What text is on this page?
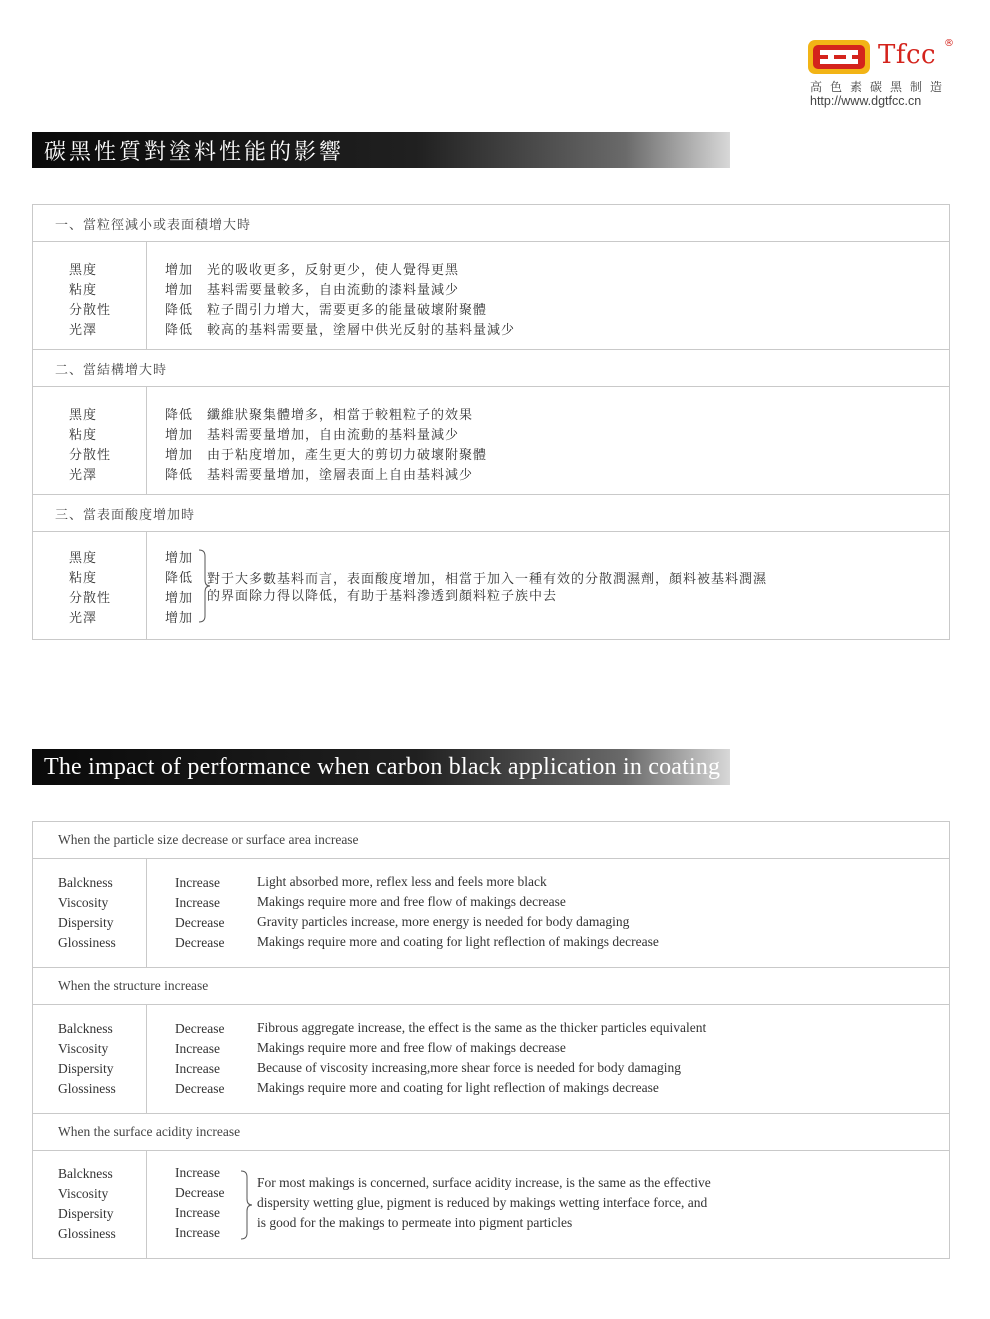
Tfcc ®
高色素碳黑制造
http://www.dgtfcc.cn
碳黑性質對塗料性能的影響
一、當粒徑減小或表面積增大時
黑度
粘度
分散性
光澤
增加
增加
降低
降低
光的吸收更多，反射更少，使人覺得更黑
基料需要量較多，自由流動的漆料量減少
粒子間引力增大，需要更多的能量破壞附聚體
較高的基料需要量，塗層中供光反射的基料量減少
二、當結構增大時
黑度
粘度
分散性
光澤
降低
增加
增加
降低
纖維狀聚集體增多，相當于較粗粒子的效果
基料需要量增加，自由流動的基料量減少
由于粘度增加，產生更大的剪切力破壞附聚體
基料需要量增加，塗層表面上自由基料減少
三、當表面酸度增加時
黑度
粘度
分散性
光澤
增加
降低
增加
增加
對于大多數基料而言，表面酸度增加，相當于加入一種有效的分散潤濕劑，顏料被基料潤濕
的界面除力得以降低，有助于基料滲透到顏料粒子族中去
The impact of performance when carbon black application in coating
When the particle size decrease or surface area increase
Balckness
Viscosity
Dispersity
Glossiness
Increase
Increase
Decrease
Decrease
Light absorbed more, reflex less and feels more black
Makings require more and free flow of makings decrease
Gravity particles increase, more energy is needed for body damaging
Makings require more and coating for light reflection of makings decrease
When the structure increase
Balckness
Viscosity
Dispersity
Glossiness
Decrease
Increase
Increase
Decrease
Fibrous aggregate increase, the effect is the same as the thicker particles equivalent
Makings require more and free flow of makings decrease
Because of viscosity increasing,more shear force is needed for body damaging
Makings require more and coating for light reflection of makings decrease
When the surface acidity increase
Balckness
Viscosity
Dispersity
Glossiness
Increase
Decrease
Increase
Increase
For most makings is concerned, surface acidity increase, is the same as the effective
dispersity wetting glue, pigment is reduced by makings wetting interface force, and
is good for the makings to permeate into pigment particles
